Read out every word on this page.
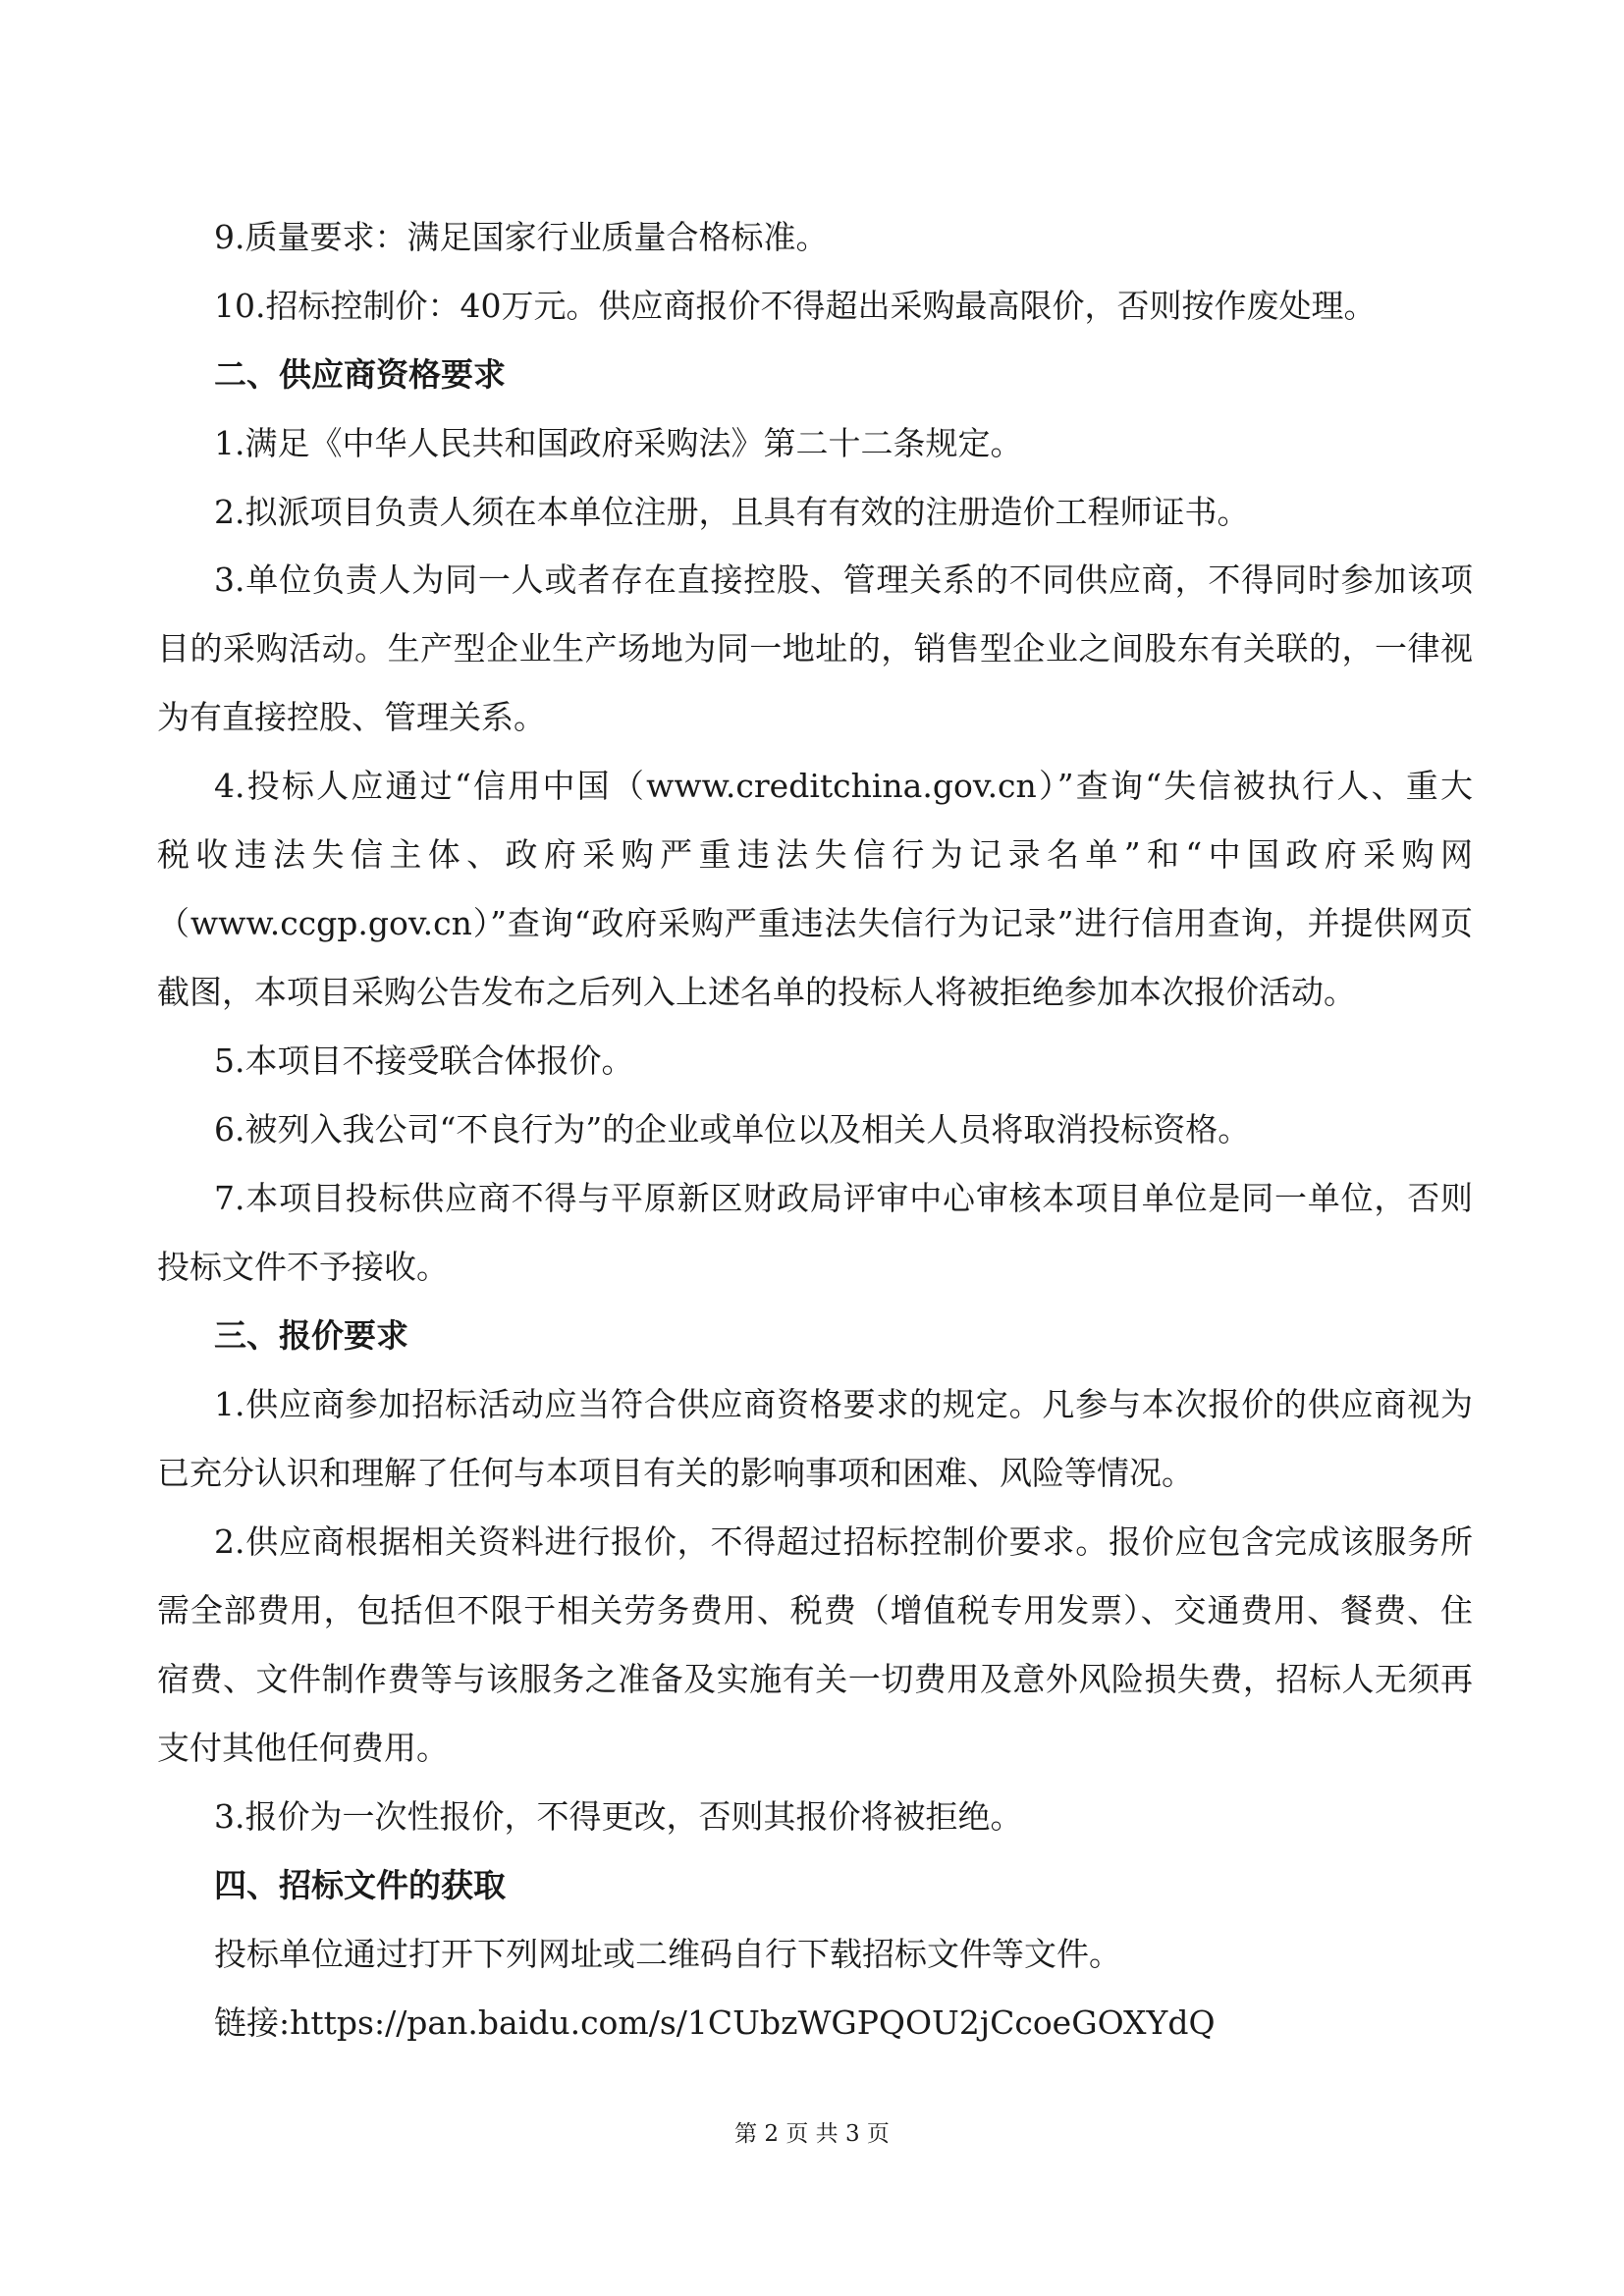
9.质量要求：满足国家行业质量合格标准。
10.招标控制价：40万元。供应商报价不得超出采购最高限价，否则按作废处理。
二、供应商资格要求
1.满足《中华人民共和国政府采购法》第二十二条规定。
2.拟派项目负责人须在本单位注册，且具有有效的注册造价工程师证书。
3.单位负责人为同一人或者存在直接控股、管理关系的不同供应商，不得同时参加该项
目的采购活动。生产型企业生产场地为同一地址的，销售型企业之间股东有关联的，一律视
为有直接控股、管理关系。
4.投标人应通过“信用中国（www.creditchina.gov.cn）”查询“失信被执行人、重大
税收违法失信主体、政府采购严重违法失信行为记录名单”和“中国政府采购网
（www.ccgp.gov.cn）”查询“政府采购严重违法失信行为记录”进行信用查询，并提供网页
截图，本项目采购公告发布之后列入上述名单的投标人将被拒绝参加本次报价活动。
5.本项目不接受联合体报价。
6.被列入我公司“不良行为”的企业或单位以及相关人员将取消投标资格。
7.本项目投标供应商不得与平原新区财政局评审中心审核本项目单位是同一单位，否则
投标文件不予接收。
三、报价要求
1.供应商参加招标活动应当符合供应商资格要求的规定。凡参与本次报价的供应商视为
已充分认识和理解了任何与本项目有关的影响事项和困难、风险等情况。
2.供应商根据相关资料进行报价，不得超过招标控制价要求。报价应包含完成该服务所
需全部费用，包括但不限于相关劳务费用、税费（增值税专用发票）、交通费用、餐费、住
宿费、文件制作费等与该服务之准备及实施有关一切费用及意外风险损失费，招标人无须再
支付其他任何费用。
3.报价为一次性报价，不得更改，否则其报价将被拒绝。
四、招标文件的获取
投标单位通过打开下列网址或二维码自行下载招标文件等文件。
链接:https://pan.baidu.com/s/1CUbzWGPQOU2jCcoeGOXYdQ
第 2 页 共 3 页
